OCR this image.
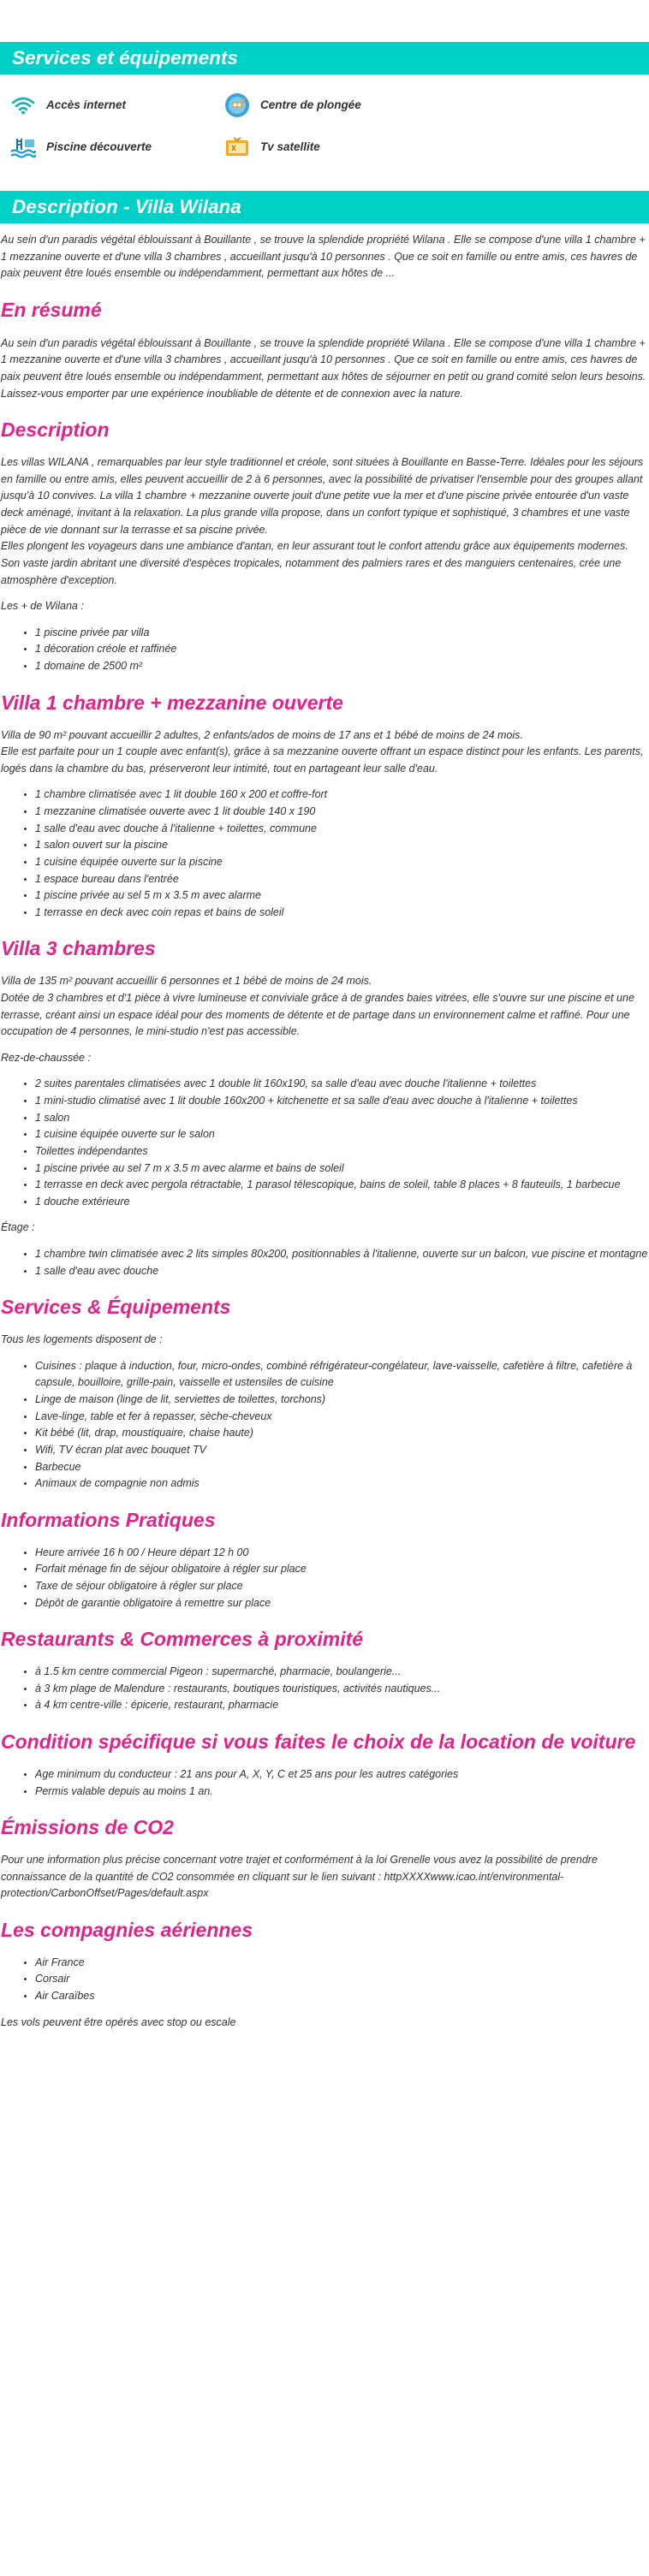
Services et équipements
Accès internet	Centre de plongée
Piscine découverte	Tv satellite
Description - Villa Wilana

Au sein d'un paradis végétal éblouissant à Bouillante , se trouve la splendide propriété Wilana . Elle se compose d'une villa 1 chambre + 1 mezzanine ouverte et d'une villa 3 chambres , accueillant jusqu'à 10 personnes . Que ce soit en famille ou entre amis, ces havres de paix peuvent être loués ensemble ou indépendamment, permettant aux hôtes de ...

En résumé

Au sein d'un paradis végétal éblouissant à Bouillante , se trouve la splendide propriété Wilana . Elle se compose d'une villa 1 chambre + 1 mezzanine ouverte et d'une villa 3 chambres , accueillant jusqu'à 10 personnes . Que ce soit en famille ou entre amis, ces havres de paix peuvent être loués ensemble ou indépendamment, permettant aux hôtes de séjourner en petit ou grand comité selon leurs besoins. Laissez-vous emporter par une expérience inoubliable de détente et de connexion avec la nature.

Description

Les villas WILANA , remarquables par leur style traditionnel et créole, sont situées à Bouillante en Basse-Terre. Idéales pour les séjours en famille ou entre amis, elles peuvent accueillir de 2 à 6 personnes, avec la possibilité de privatiser l'ensemble pour des groupes allant jusqu'à 10 convives. La villa 1 chambre + mezzanine ouverte jouit d'une petite vue la mer et d'une piscine privée entourée d'un vaste deck aménagé, invitant à la relaxation. La plus grande villa propose, dans un confort typique et sophistiqué, 3 chambres et une vaste pièce de vie donnant sur la terrasse et sa piscine privée.

Elles plongent les voyageurs dans une ambiance d'antan, en leur assurant tout le confort attendu grâce aux équipements modernes. Son vaste jardin abritant une diversité d'espèces tropicales, notamment des palmiers rares et des manguiers centenaires, crée une atmosphère d'exception.

Les + de Wilana :

• 1 piscine privée par villa
• 1 décoration créole et raffinée
• 1 domaine de 2500 m²
Villa 1 chambre + mezzanine ouverte

Villa de 90 m² pouvant accueillir 2 adultes, 2 enfants/ados de moins de 17 ans et 1 bébé de moins de 24 mois.

Elle est parfaite pour un 1 couple avec enfant(s), grâce à sa mezzanine ouverte offrant un espace distinct pour les enfants. Les parents, logés dans la chambre du bas, préserveront leur intimité, tout en partageant leur salle d'eau.

• 1 chambre climatisée avec 1 lit double 160 x 200 et coffre-fort
• 1 mezzanine climatisée ouverte avec 1 lit double 140 x 190
• 1 salle d'eau avec douche à l'italienne + toilettes, commune
• 1 salon ouvert sur la piscine
• 1 cuisine équipée ouverte sur la piscine
• 1 espace bureau dans l'entrée
• 1 piscine privée au sel 5 m x 3.5 m avec alarme
• 1 terrasse en deck avec coin repas et bains de soleil
Villa 3 chambres

Villa de 135 m² pouvant accueillir 6 personnes et 1 bébé de moins de 24 mois.

Dotée de 3 chambres et d'1 pièce à vivre lumineuse et conviviale grâce à de grandes baies vitrées, elle s'ouvre sur une piscine et une terrasse, créant ainsi un espace idéal pour des moments de détente et de partage dans un environnement calme et raffiné. Pour une occupation de 4 personnes, le mini-studio n'est pas accessible.

Rez-de-chaussée :

• 2 suites parentales climatisées avec 1 double lit 160x190, sa salle d'eau avec douche l'italienne + toilettes
• 1 mini-studio climatisé avec 1 lit double 160x200 + kitchenette et sa salle d'eau avec douche à l'italienne + toilettes
• 1 salon
• 1 cuisine équipée ouverte sur le salon
• Toilettes indépendantes
• 1 piscine privée au sel 7 m x 3.5 m avec alarme et bains de soleil
• 1 terrasse en deck avec pergola rétractable, 1 parasol télescopique, bains de soleil, table 8 places + 8 fauteuils, 1 barbecue
• 1 douche extérieure

Étage :

• 1 chambre twin climatisée avec 2 lits simples 80x200, positionnables à l'italienne, ouverte sur un balcon, vue piscine et montagne
• 1 salle d'eau avec douche
Services & Équipements

Tous les logements disposent de :

• Cuisines : plaque à induction, four, micro-ondes, combiné réfrigérateur-congélateur, lave-vaisselle, cafetière à filtre, cafetière à capsule, bouilloire, grille-pain, vaisselle et ustensiles de cuisine
• Linge de maison (linge de lit, serviettes de toilettes, torchons)
• Lave-linge, table et fer à repasser, sèche-cheveux
• Kit bébé (lit, drap, moustiquaire, chaise haute)
• Wifi, TV écran plat avec bouquet TV
• Barbecue
• Animaux de compagnie non admis
Informations Pratiques
• Heure arrivée 16 h 00 / Heure départ 12 h 00
• Forfait ménage fin de séjour obligatoire à régler sur place
• Taxe de séjour obligatoire à régler sur place
• Dépôt de garantie obligatoire à remettre sur place
Restaurants & Commerces à proximité
• à 1.5 km centre commercial Pigeon : supermarché, pharmacie, boulangerie...
• à 3 km plage de Malendure : restaurants, boutiques touristiques, activités nautiques...
• à 4 km centre-ville : épicerie, restaurant, pharmacie
Condition spécifique si vous faites le choix de la location de voiture
• Age minimum du conducteur : 21 ans pour A, X, Y, C et 25 ans pour les autres catégories
• Permis valable depuis au moins 1 an.
Émissions de CO2

Pour une information plus précise concernant votre trajet et conformément à la loi Grenelle vous avez la possibilité de prendre connaissance de la quantité de CO2 consommée en cliquant sur le lien suivant : httpXXXXwww.icao.int/environmental-protection/CarbonOffset/Pages/default.aspx

Les compagnies aériennes
• Air France
• Corsair
• Air Caraïbes

Les vols peuvent être opérés avec stop ou escale
